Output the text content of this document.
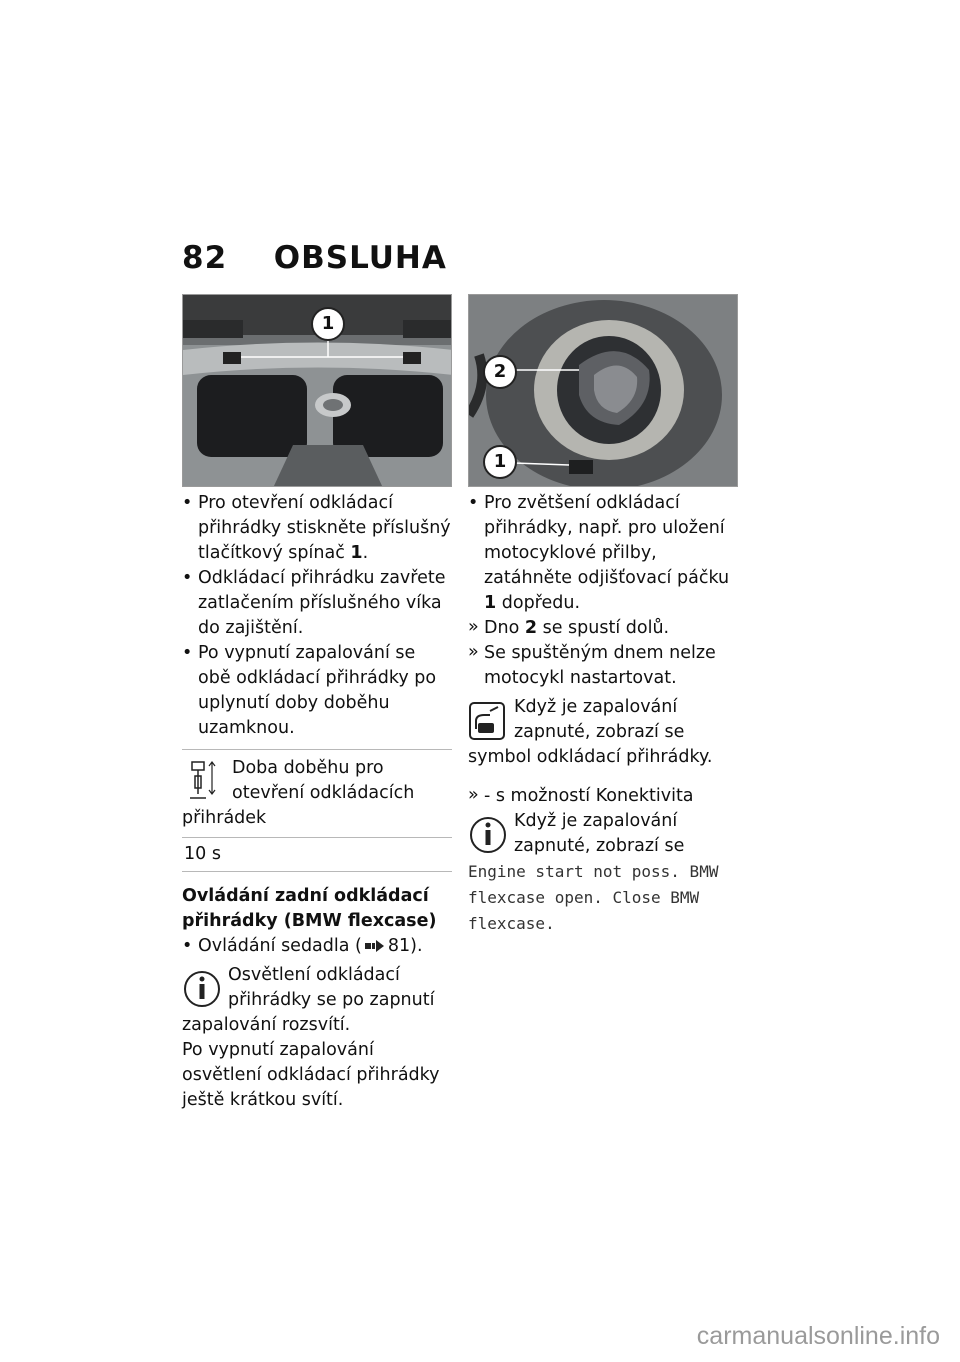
82 OBSLUHA
1
• Pro otevření odkládací přihrádky stiskněte příslušný tlačítkový spínač 1.
• Odkládací přihrádku zavřete zatlačením příslušného víka do zajištění.
• Po vypnutí zapalování se obě odkládací přihrádky po uplynutí doby doběhu uzamknou.
Doba doběhu pro otevření odkládacích přihrádek
10 s
Ovládání zadní odkládací přihrádky (BMW flexcase)
• Ovládání sedadla ( 81).
Osvětlení odkládací přihrádky se po zapnutí zapalování rozsvítí.
Po vypnutí zapalování osvětlení odkládací přihrádky ještě krátkou svítí.
2
1
• Pro zvětšení odkládací přihrádky, např. pro uložení motocyklové přilby, zatáhněte odjišťovací páčku 1 dopředu.
» Dno 2 se spustí dolů.
» Se spuštěným dnem nelze motocykl nastartovat.
Když je zapalování zapnuté, zobrazí se symbol odkládací přihrádky.
» - s možností Konektivita
Když je zapalování zapnuté, zobrazí se Engine start not poss. BMW flexcase open. Close BMW flexcase.
carmanualsonline.info
